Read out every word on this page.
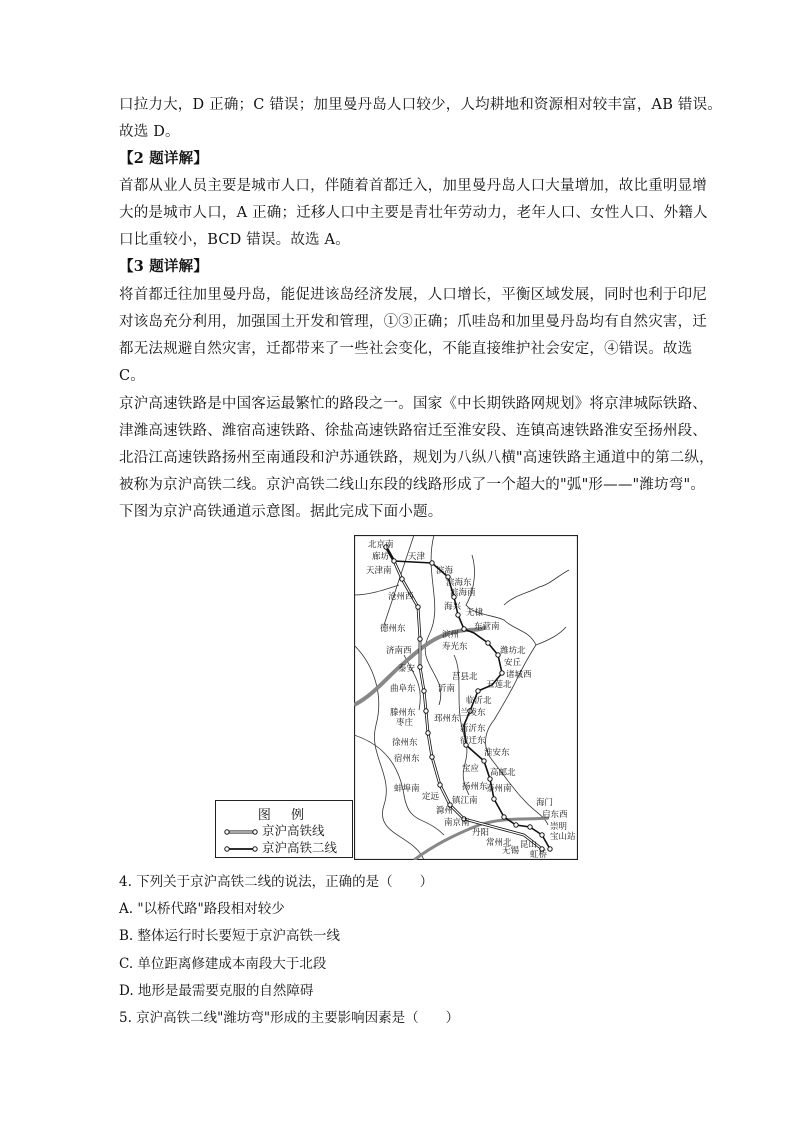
口拉力大，D 正确；C 错误；加里曼丹岛人口较少，人均耕地和资源相对较丰富，AB 错误。
故选 D。
【2 题详解】
首都从业人员主要是城市人口，伴随着首都迁入，加里曼丹岛人口大量增加，故比重明显增
大的是城市人口，A 正确；迁移人口中主要是青壮年劳动力，老年人口、女性人口、外籍人
口比重较小，BCD 错误。故选 A。
【3 题详解】
将首都迁往加里曼丹岛，能促进该岛经济发展，人口增长，平衡区域发展，同时也利于印尼
对该岛充分利用，加强国土开发和管理，①③正确；爪哇岛和加里曼丹岛均有自然灾害，迁
都无法规避自然灾害，迁都带来了一些社会变化，不能直接维护社会安定，④错误。故选
C。
京沪高速铁路是中国客运最繁忙的路段之一。国家《中长期铁路网规划》将京津城际铁路、
津潍高速铁路、潍宿高速铁路、徐盐高速铁路宿迁至淮安段、连镇高速铁路淮安至扬州段、
北沿江高速铁路扬州至南通段和沪苏通铁路，规划为八纵八横"高速铁路主通道中的第二纵，
被称为京沪高铁二线。京沪高铁二线山东段的线路形成了一个超大的"弧"形——"潍坊弯"。
下图为京沪高铁通道示意图。据此完成下面小题。
北京南
廊坊 天津
天津南	滨海
滨海东
滨海南
沧州西
海兴
无棣
德州东	东营南
滨州
寿光东
济南西	潍坊北
安丘
泰安
诸城西
莒县北
五莲北
曲阜东	沂南
滕州东
临沂北
枣庄
兰陵东
邳州东
新沂东
徐州东	宿迁东
宿州东
淮安东
蚌埠南
宝应 高邮北
定远
扬州东
泰州南
滁州
镇江南	海门
南京南
启东西
丹阳
常州北
无锡
崇明
宝山站
昆山
虹桥
图 例
京沪高铁线
京沪高铁二线
4. 下列关于京沪高铁二线的说法，正确的是（　　）
A. "以桥代路"路段相对较少
B. 整体运行时长要短于京沪高铁一线
C. 单位距离修建成本南段大于北段
D. 地形是最需要克服的自然障碍
5. 京沪高铁二线"潍坊弯"形成的主要影响因素是（　　）
